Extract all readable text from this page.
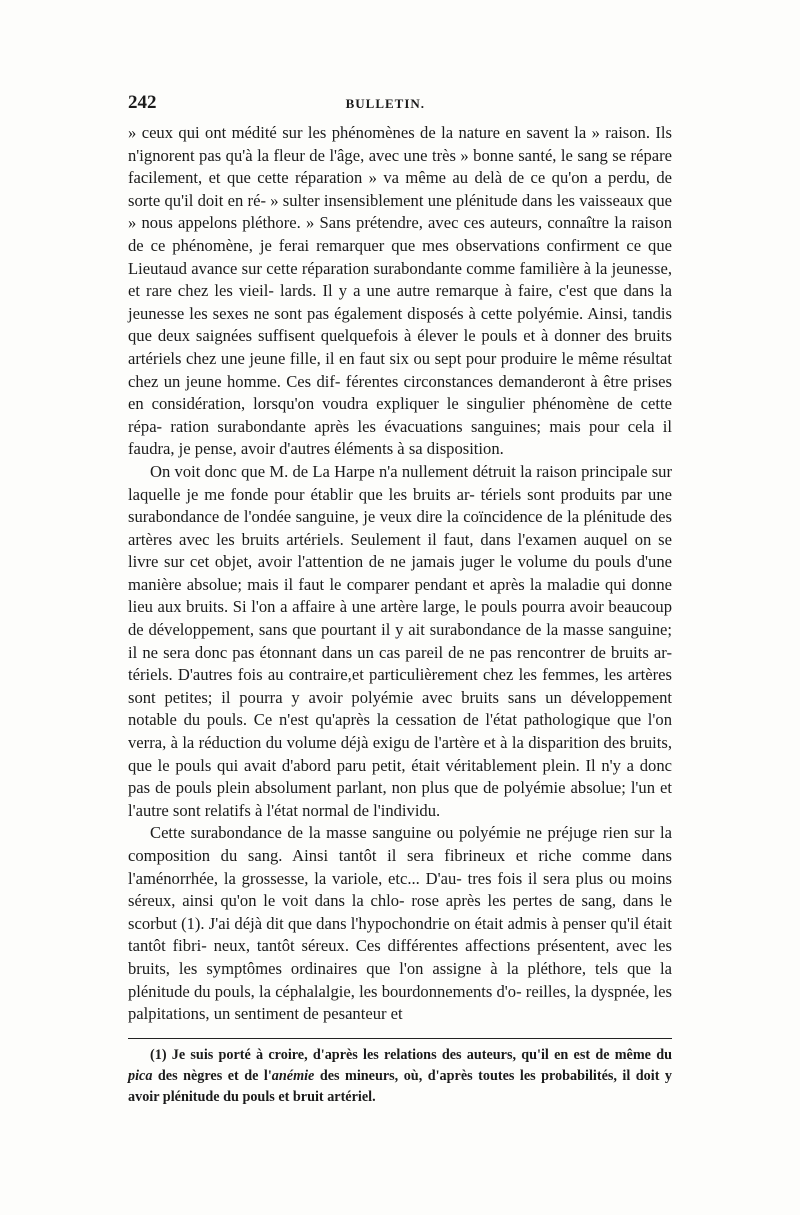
242	BULLETIN.

» ceux qui ont médité sur les phénomènes de la nature en savent la » raison. Ils n'ignorent pas qu'à la fleur de l'âge, avec une très » bonne santé, le sang se répare facilement, et que cette réparation » va même au delà de ce qu'on a perdu, de sorte qu'il doit en ré- » sulter insensiblement une plénitude dans les vaisseaux que » nous appelons pléthore. » Sans prétendre, avec ces auteurs, connaître la raison de ce phénomène, je ferai remarquer que mes observations confirment ce que Lieutaud avance sur cette réparation surabondante comme familière à la jeunesse, et rare chez les vieil- lards. Il y a une autre remarque à faire, c'est que dans la jeunesse les sexes ne sont pas également disposés à cette polyémie. Ainsi, tandis que deux saignées suffisent quelquefois à élever le pouls et à donner des bruits artériels chez une jeune fille, il en faut six ou sept pour produire le même résultat chez un jeune homme. Ces dif- férentes circonstances demanderont à être prises en considération, lorsqu'on voudra expliquer le singulier phénomène de cette répa- ration surabondante après les évacuations sanguines; mais pour cela il faudra, je pense, avoir d'autres éléments à sa disposition.

On voit donc que M. de La Harpe n'a nullement détruit la raison principale sur laquelle je me fonde pour établir que les bruits ar- tériels sont produits par une surabondance de l'ondée sanguine, je veux dire la coïncidence de la plénitude des artères avec les bruits artériels. Seulement il faut, dans l'examen auquel on se livre sur cet objet, avoir l'attention de ne jamais juger le volume du pouls d'une manière absolue; mais il faut le comparer pendant et après la maladie qui donne lieu aux bruits. Si l'on a affaire à une artère large, le pouls pourra avoir beaucoup de développement, sans que pourtant il y ait surabondance de la masse sanguine; il ne sera donc pas étonnant dans un cas pareil de ne pas rencontrer de bruits ar- tériels. D'autres fois au contraire,et particulièrement chez les femmes, les artères sont petites; il pourra y avoir polyémie avec bruits sans un développement notable du pouls. Ce n'est qu'après la cessation de l'état pathologique que l'on verra, à la réduction du volume déjà exigu de l'artère et à la disparition des bruits, que le pouls qui avait d'abord paru petit, était véritablement plein. Il n'y a donc pas de pouls plein absolument parlant, non plus que de polyémie absolue; l'un et l'autre sont relatifs à l'état normal de l'individu.

Cette surabondance de la masse sanguine ou polyémie ne préjuge rien sur la composition du sang. Ainsi tantôt il sera fibrineux et riche comme dans l'aménorrhée, la grossesse, la variole, etc... D'au- tres fois il sera plus ou moins séreux, ainsi qu'on le voit dans la chlo- rose après les pertes de sang, dans le scorbut (1). J'ai déjà dit que dans l'hypochondrie on était admis à penser qu'il était tantôt fibri- neux, tantôt séreux. Ces différentes affections présentent, avec les bruits, les symptômes ordinaires que l'on assigne à la pléthore, tels que la plénitude du pouls, la céphalalgie, les bourdonnements d'o- reilles, la dyspnée, les palpitations, un sentiment de pesanteur et

(1) Je suis porté à croire, d'après les relations des auteurs, qu'il en est de même du pica des nègres et de l'anémie des mineurs, où, d'après toutes les probabilités, il doit y avoir plénitude du pouls et bruit artériel.
